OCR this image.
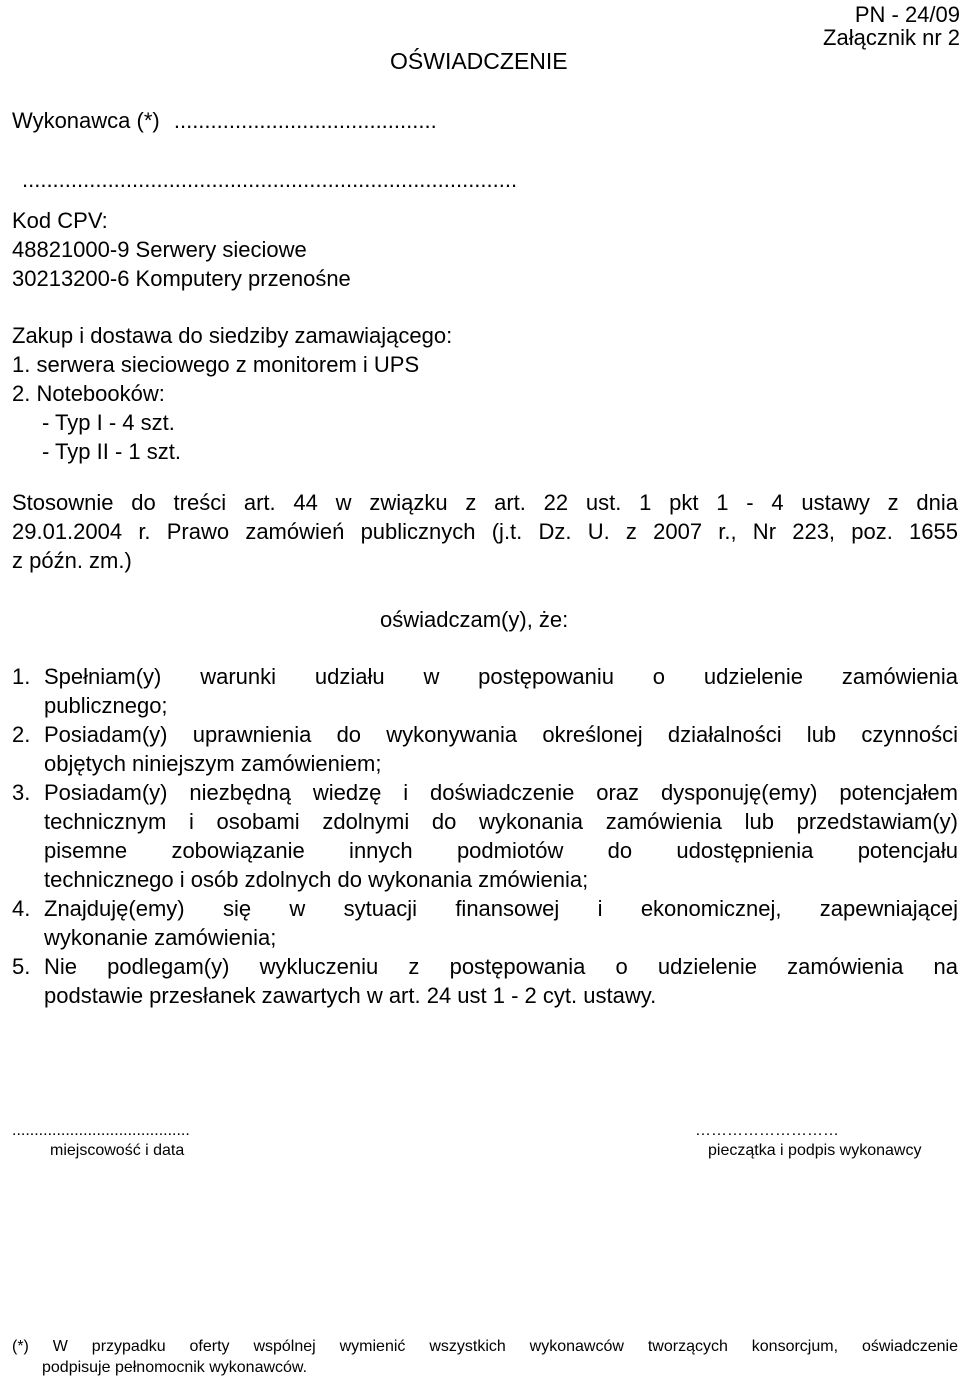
PN - 24/09
Załącznik nr 2
OŚWIADCZENIE
Wykonawca (*) ...........................................
.................................................................................
Kod CPV:
48821000-9 Serwery sieciowe
30213200-6 Komputery przenośne
Zakup i dostawa do siedziby zamawiającego:
1. serwera sieciowego z monitorem i UPS
2. Notebooków:
- Typ I - 4 szt.
- Typ II - 1 szt.
Stosownie do treści art. 44 w związku z art. 22 ust. 1 pkt 1 - 4 ustawy z dnia
29.01.2004 r. Prawo zamówień publicznych (j.t. Dz. U. z 2007 r., Nr 223, poz. 1655
z późn. zm.)
oświadczam(y), że:
1. Spełniam(y) warunki udziału w postępowaniu o udzielenie zamówienia
publicznego;
2. Posiadam(y) uprawnienia do wykonywania określonej działalności lub czynności
objętych niniejszym zamówieniem;
3. Posiadam(y) niezbędną wiedzę i doświadczenie oraz dysponuję(emy) potencjałem
technicznym i osobami zdolnymi do wykonania zamówienia lub przedstawiam(y)
pisemne zobowiązanie innych podmiotów do udostępnienia potencjału
technicznego i osób zdolnych do wykonania zmówienia;
4. Znajduję(emy) się w sytuacji finansowej i ekonomicznej, zapewniającej
wykonanie zamówienia;
5. Nie podlegam(y) wykluczeniu z postępowania o udzielenie zamówienia na
podstawie przesłanek zawartych w art. 24 ust 1 - 2 cyt. ustawy.
........................................
miejscowość i data
………………………
pieczątka i podpis wykonawcy
(*) W przypadku oferty wspólnej wymienić wszystkich wykonawców tworzących konsorcjum, oświadczenie
podpisuje pełnomocnik wykonawców.
